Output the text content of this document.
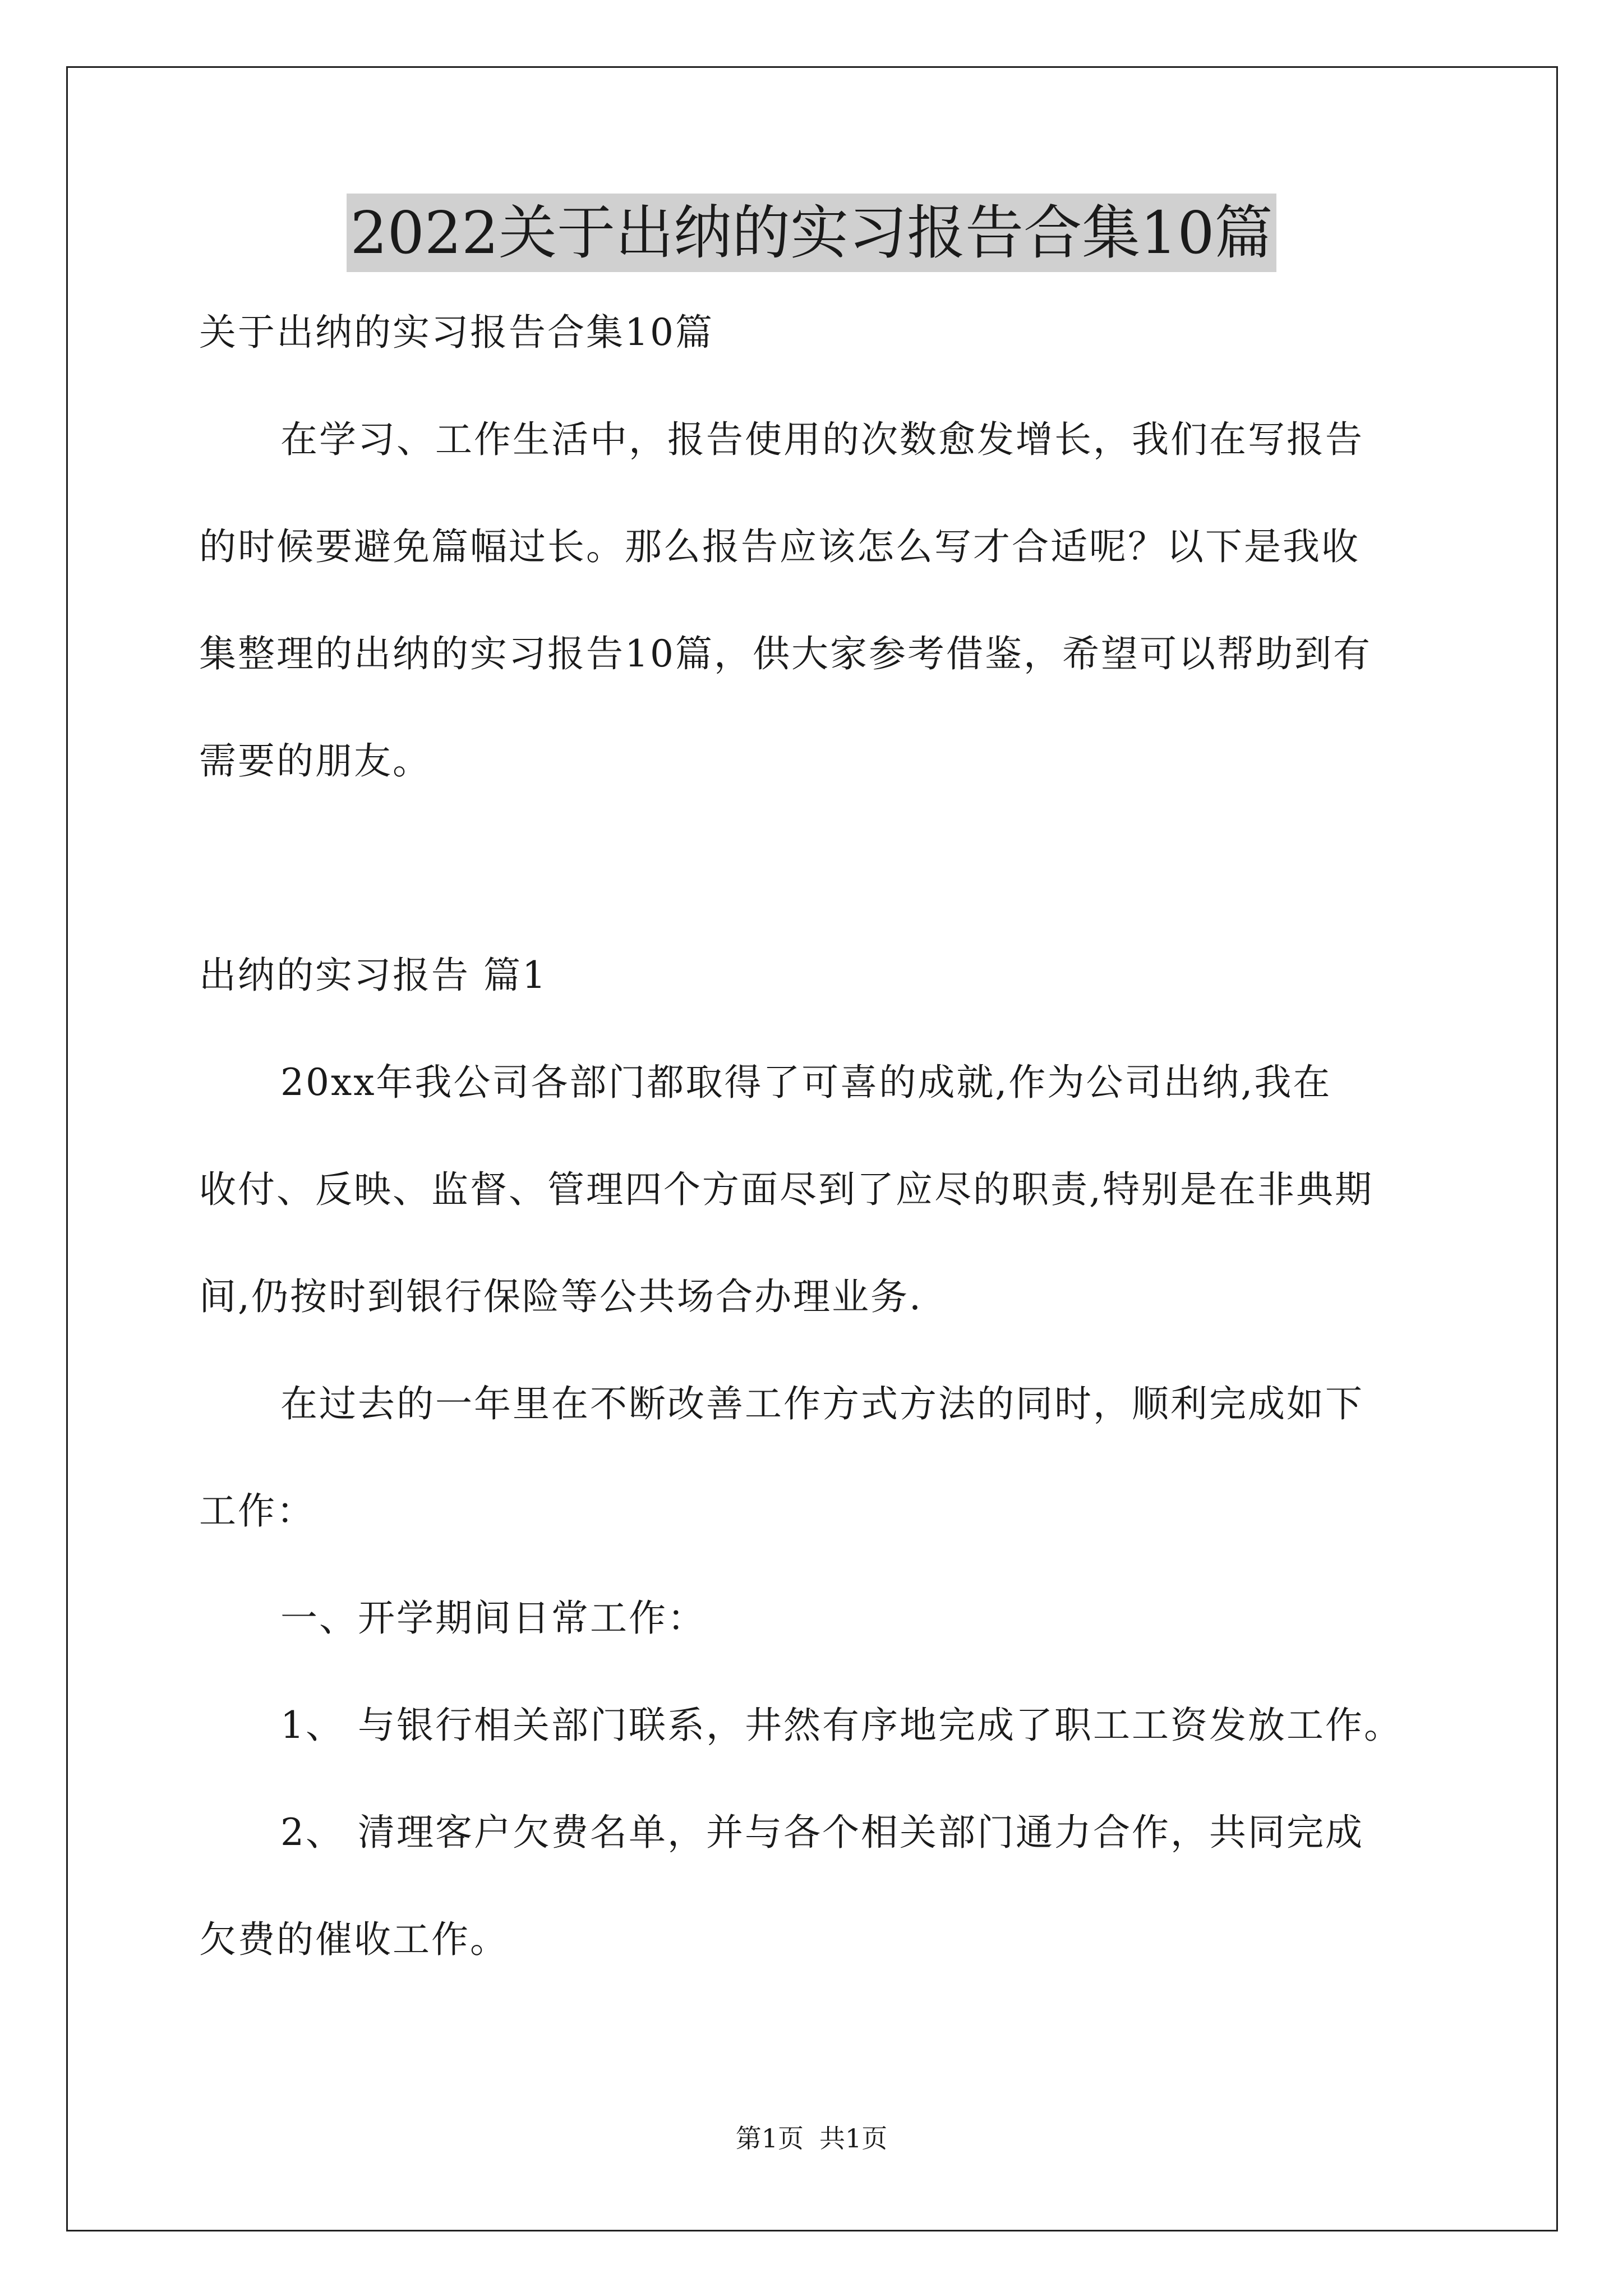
2022关于出纳的实习报告合集10篇
关于出纳的实习报告合集10篇
在学习、工作生活中，报告使用的次数愈发增长，我们在写报告
的时候要避免篇幅过长。那么报告应该怎么写才合适呢？以下是我收
集整理的出纳的实习报告10篇，供大家参考借鉴，希望可以帮助到有
需要的朋友。
出纳的实习报告 篇1
20xx年我公司各部门都取得了可喜的成就,作为公司出纳,我在
收付、反映、监督、管理四个方面尽到了应尽的职责,特别是在非典期
间,仍按时到银行保险等公共场合办理业务.
在过去的一年里在不断改善工作方式方法的同时，顺利完成如下
工作：
一、开学期间日常工作：
1、 与银行相关部门联系，井然有序地完成了职工工资发放工作。
2、 清理客户欠费名单，并与各个相关部门通力合作，共同完成
欠费的催收工作。
第1页 共1页
